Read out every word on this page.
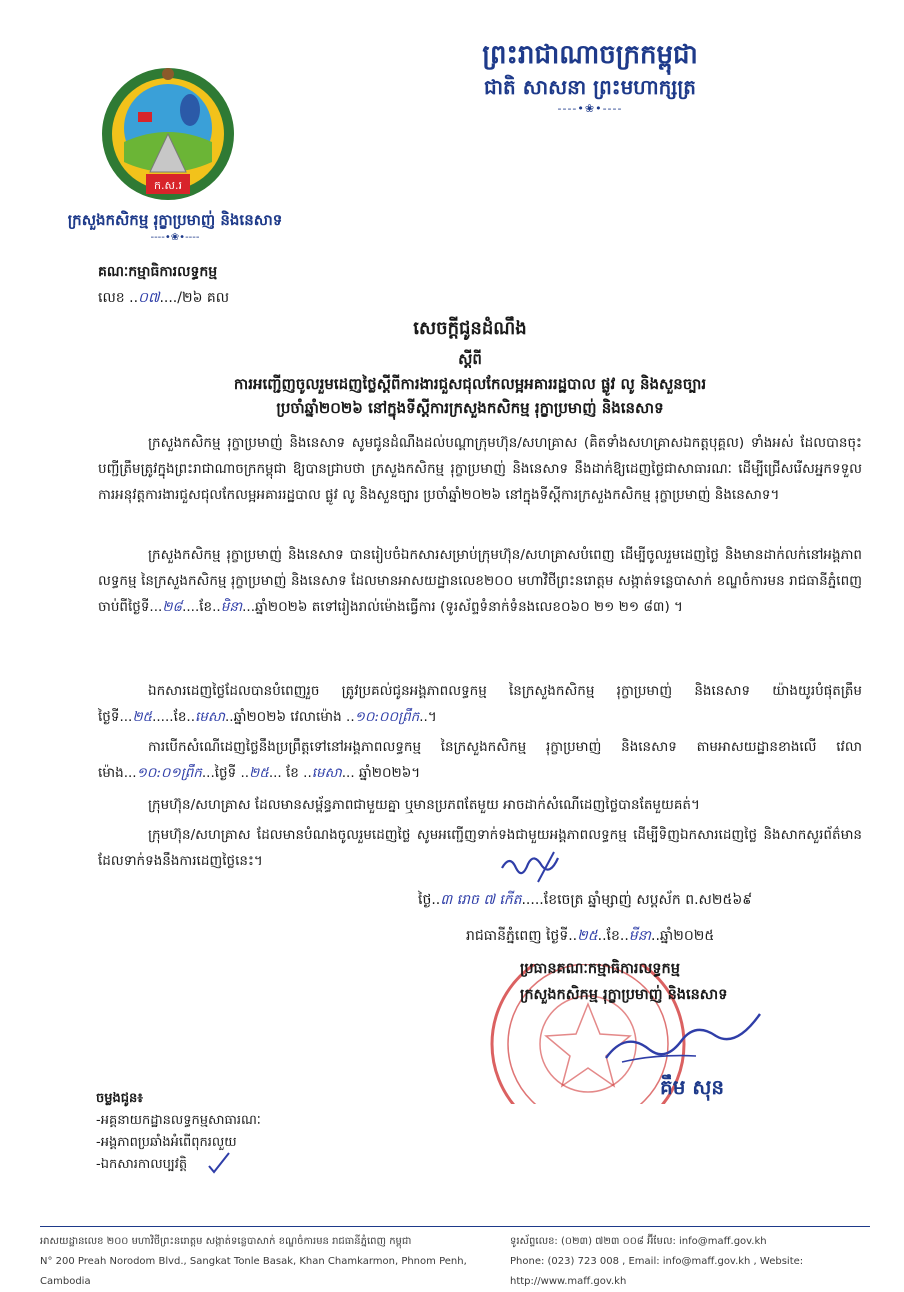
ព្រះរាជាណាចក្រកម្ពុជា
ជាតិ សាសនា ព្រះមហាក្សត្រ
----•❀•----
ក.ស.រ
ក្រសួងកសិកម្ម រុក្ខាប្រមាញ់ និងនេសាទ
----•❀•----
គណៈកម្មាធិការលទ្ធកម្ម
លេខ ..០៧..../២៦ គល
សេចក្តីជូនដំណឹង
ស្តីពី
ការអញ្ជើញចូលរួមដេញថ្លៃស្តីពីការងារជួសជុលកែលម្អអគាររដ្ឋបាល ផ្លូវ លូ និងសួនច្បារ
ប្រចាំឆ្នាំ២០២៦ នៅក្នុងទីស្តីការក្រសួងកសិកម្ម រុក្ខាប្រមាញ់ និងនេសាទ

ក្រសួងកសិកម្ម រុក្ខាប្រមាញ់ និងនេសាទ សូមជូនដំណឹងដល់បណ្តាក្រុមហ៊ុន/សហគ្រាស (គិតទាំងសហគ្រាសឯកត្តបុគ្គល) ទាំងអស់ ដែលបានចុះបញ្ជីត្រឹមត្រូវក្នុងព្រះរាជាណាចក្រកម្ពុជា ឱ្យបានជ្រាបថា ក្រសួងកសិកម្ម រុក្ខាប្រមាញ់ និងនេសាទ នឹងដាក់ឱ្យដេញថ្លៃជាសាធារណៈ ដើម្បីជ្រើសរើសអ្នកទទួលការអនុវត្តការងារជួសជុលកែលម្អអគាររដ្ឋបាល ផ្លូវ លូ និងសួនច្បារ ប្រចាំឆ្នាំ២០២៦ នៅក្នុងទីស្តីការក្រសួងកសិកម្ម រុក្ខាប្រមាញ់ និងនេសាទ។

ក្រសួងកសិកម្ម រុក្ខាប្រមាញ់ និងនេសាទ បានរៀបចំឯកសារសម្រាប់ក្រុមហ៊ុន/សហគ្រាសបំពេញ ដើម្បីចូលរួមដេញថ្លៃ និងមានដាក់លក់នៅអង្គភាពលទ្ធកម្ម នៃក្រសួងកសិកម្ម រុក្ខាប្រមាញ់ និងនេសាទ ដែលមានអាសយដ្ឋានលេខ២០០ មហាវិថីព្រះនរោត្តម សង្កាត់ទន្លេបាសាក់ ខណ្ឌចំការមន រាជធានីភ្នំពេញ ចាប់ពីថ្ងៃទី...២៨....ខែ..មិនា...ឆ្នាំ២០២៦ តទៅរៀងរាល់ម៉ោងធ្វើការ (ទូរស័ព្ទទំនាក់ទំនងលេខ០៦០ ២១ ២១ ៨៣) ។

ឯកសារដេញថ្លៃដែលបានបំពេញរួច ត្រូវប្រគល់ជូនអង្គភាពលទ្ធកម្ម នៃក្រសួងកសិកម្ម រុក្ខាប្រមាញ់ និងនេសាទ យ៉ាងយូរបំផុតត្រឹមថ្ងៃទី...២៥.....ខែ..មេសា..ឆ្នាំ២០២៦ វេលាម៉ោង ..១០:០០ព្រឹក..។

ការបើកសំណើដេញថ្លៃនឹងប្រព្រឹត្តទៅនៅអង្គភាពលទ្ធកម្ម នៃក្រសួងកសិកម្ម រុក្ខាប្រមាញ់ និងនេសាទ តាមអាសយដ្ឋានខាងលើ វេលាម៉ោង...១០:០១ព្រឹក...ថ្ងៃទី ..២៥... ខែ ..មេសា... ឆ្នាំ២០២៦។

ក្រុមហ៊ុន/សហគ្រាស ដែលមានសម្ព័ន្ធភាពជាមួយគ្នា ឬមានប្រភពតែមួយ អាចដាក់សំណើដេញថ្លៃបានតែមួយគត់។

ក្រុមហ៊ុន/សហគ្រាស ដែលមានបំណងចូលរួមដេញថ្លៃ សូមអញ្ជើញទាក់ទងជាមួយអង្គភាពលទ្ធកម្ម ដើម្បីទិញឯកសារដេញថ្លៃ និងសាកសួរព័ត៌មាន ដែលទាក់ទងនឹងការដេញថ្លៃនេះ។

ថ្ងៃ..៣ រោច ៧ កើត.....ខែចេត្រ ឆ្នាំម្សាញ់ សប្តស័ក ព.ស២៥៦៩
រាជធានីភ្នំពេញ ថ្ងៃទី..២៥..ខែ..មីនា..ឆ្នាំ២០២៥
ប្រធានគណៈកម្មាធិការលទ្ធកម្ម
ក្រសួងកសិកម្ម រុក្ខាប្រមាញ់ និងនេសាទ
គឹម សុន
ចម្លងជូន៖
-អគ្គនាយកដ្ឋានលទ្ធកម្មសាធារណៈ
-អង្គភាពប្រឆាំងអំពើពុករលួយ
-ឯកសារកាលប្បវត្តិ
អាសយដ្ឋានលេខ ២០០ មហាវិថីព្រះនរោត្តម សង្កាត់ទន្លេបាសាក់ ខណ្ឌចំការមន រាជធានីភ្នំពេញ កម្ពុជា
N° 200 Preah Norodom Blvd., Sangkat Tonle Basak, Khan Chamkarmon, Phnom Penh, Cambodia
ទូរស័ព្ទលេខ: (០២៣) ៧២៣ ០០៨ អ៊ីមែល: info@maff.gov.kh
Phone: (023) 723 008 , Email: info@maff.gov.kh , Website: http://www.maff.gov.kh
